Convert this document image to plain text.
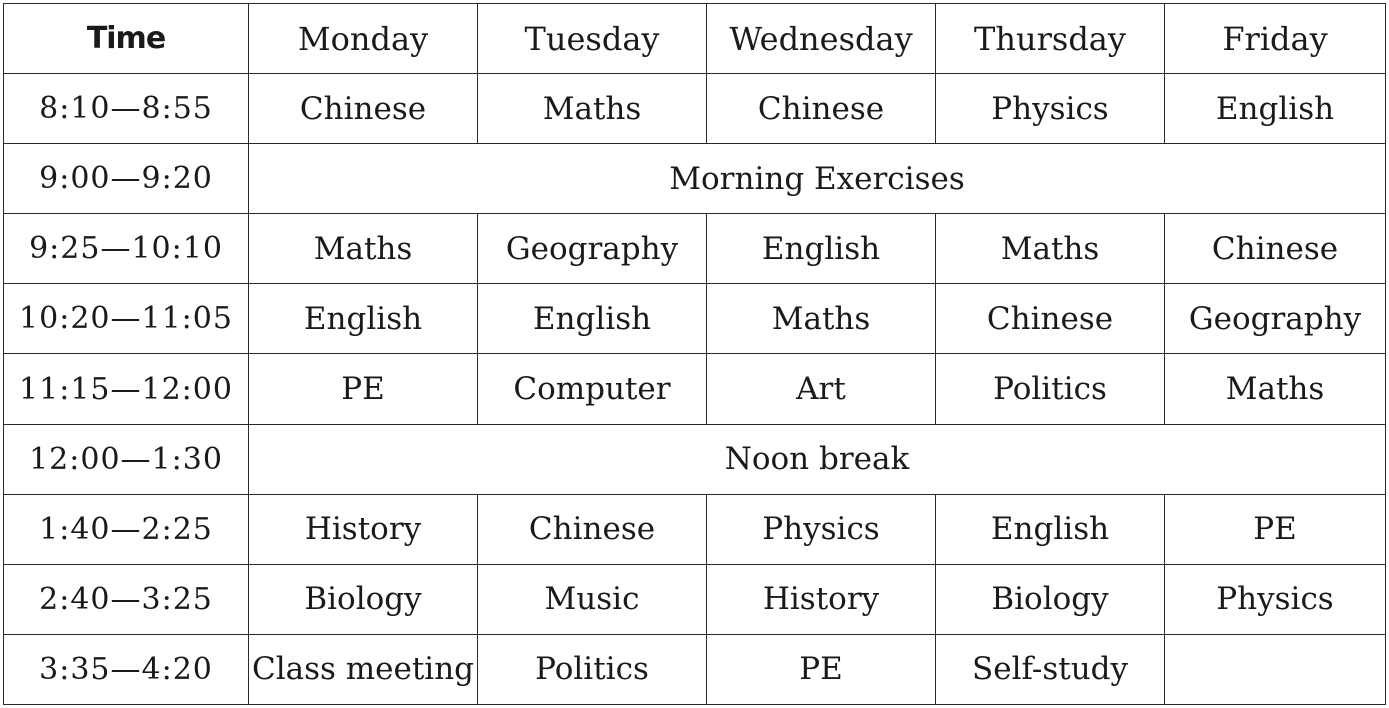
Time	Monday	Tuesday	Wednesday	Thursday	Friday
8:10—8:55	Chinese	Maths	Chinese	Physics	English
9:00—9:20	Morning Exercises				
9:25—10:10	Maths	Geography	English	Maths	Chinese
10:20—11:05	English	English	Maths	Chinese	Geography
11:15—12:00	PE	Computer	Art	Politics	Maths
12:00—1:30	Noon break				
1:40—2:25	History	Chinese	Physics	English	PE
2:40—3:25	Biology	Music	History	Biology	Physics
3:35—4:20	Class meeting	Politics	PE	Self-study	
